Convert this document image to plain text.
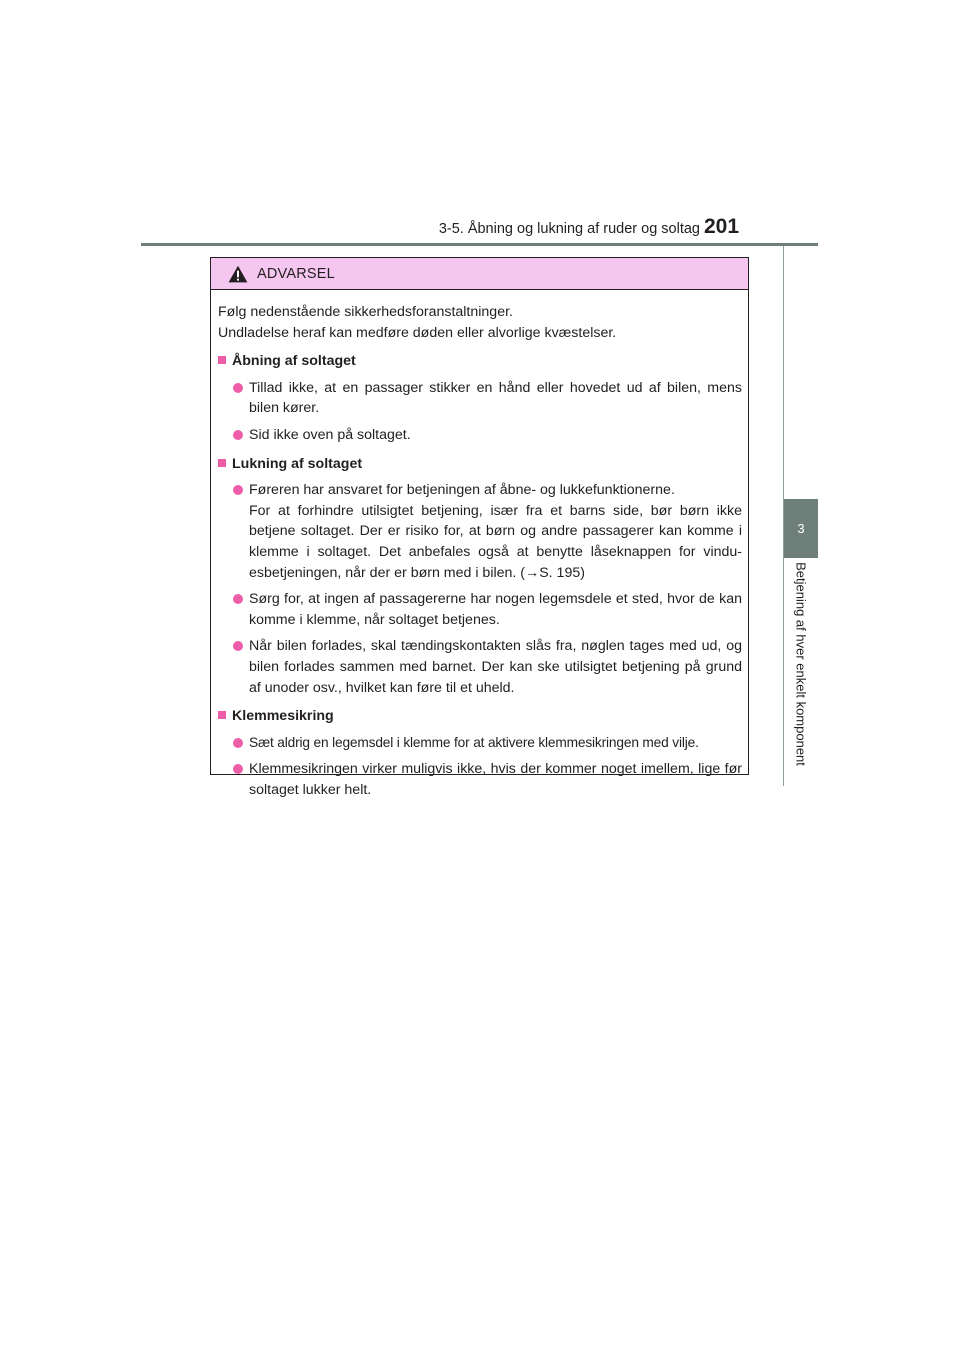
3-5. Åbning og lukning af ruder og soltag 201
3
Betjening af hver enkelt komponent
ADVARSEL

Følg nedenstående sikkerhedsforanstaltninger.

Undladelse heraf kan medføre døden eller alvorlige kvæstelser.

Åbning af soltaget

Tillad ikke, at en passager stikker en hånd eller hovedet ud af bilen, mens bilen kører.

Sid ikke oven på soltaget.

Lukning af soltaget

Føreren har ansvaret for betjeningen af åbne- og lukkefunktionerne.

For at forhindre utilsigtet betjening, især fra et barns side, bør børn ikke betjene soltaget. Der er risiko for, at børn og andre passagerer kan komme i klemme i soltaget. Det anbefales også at benytte låseknappen for vindu-esbetjeningen, når der er børn med i bilen. (→S. 195)

Sørg for, at ingen af passagererne har nogen legemsdele et sted, hvor de kan komme i klemme, når soltaget betjenes.

Når bilen forlades, skal tændingskontakten slås fra, nøglen tages med ud, og bilen forlades sammen med barnet. Der kan ske utilsigtet betjening på grund af unoder osv., hvilket kan føre til et uheld.

Klemmesikring

Sæt aldrig en legemsdel i klemme for at aktivere klemmesikringen med vilje.

Klemmesikringen virker muligvis ikke, hvis der kommer noget imellem, lige før soltaget lukker helt.
